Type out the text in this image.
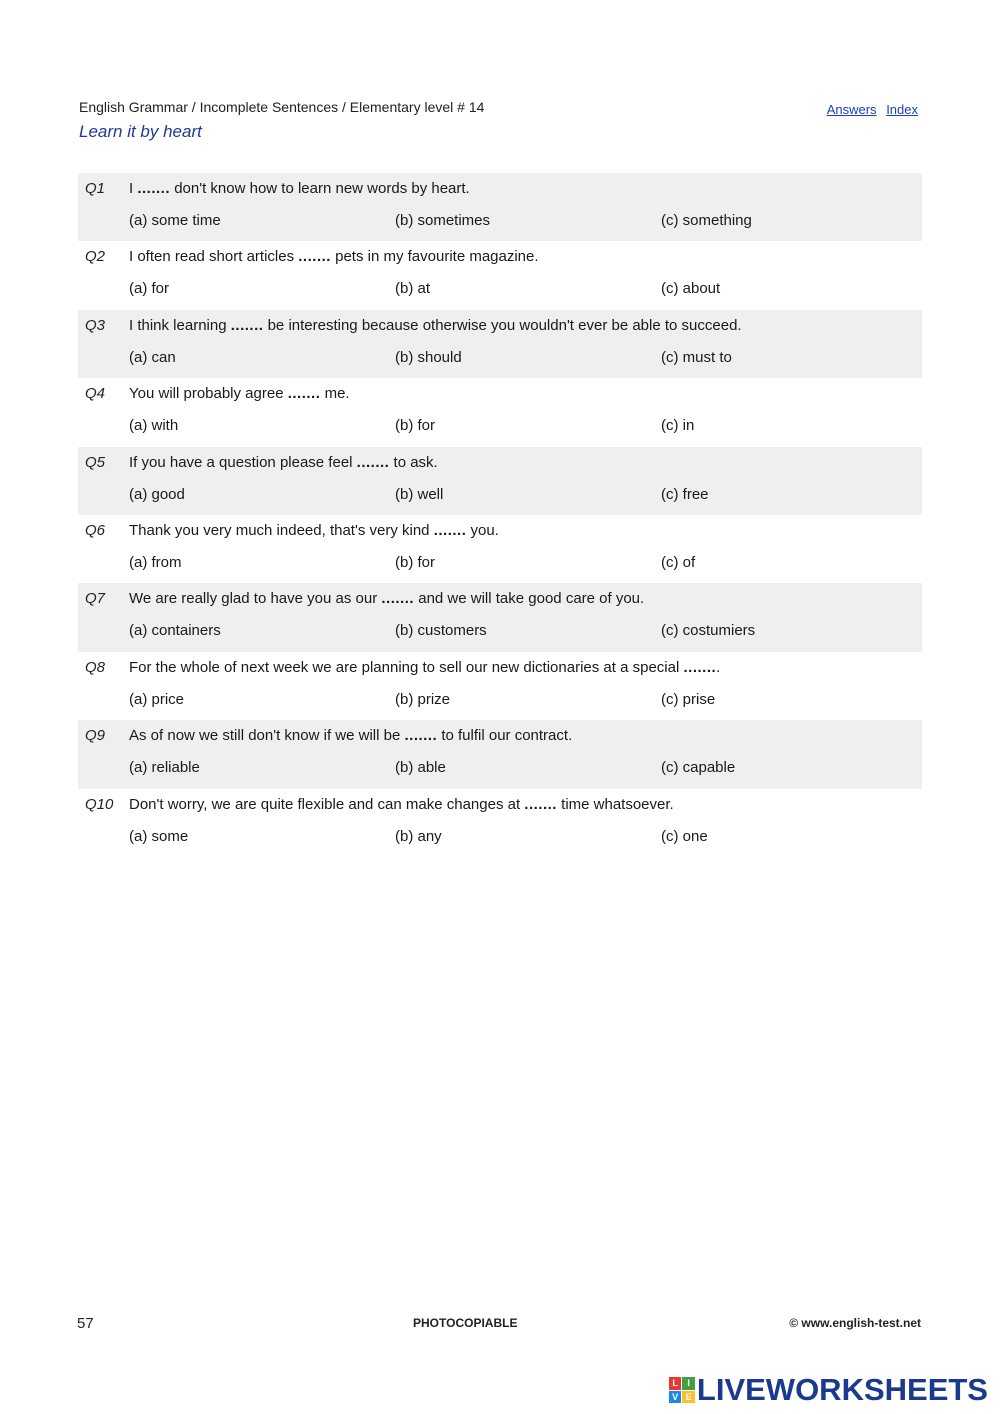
English Grammar / Incomplete Sentences / Elementary level # 14
Learn it by heart
Answers Index
Q1 I ....... don't know how to learn new words by heart.
(a) some time	(b) sometimes	(c) something
Q2 I often read short articles ....... pets in my favourite magazine.
(a) for	(b) at	(c) about
Q3 I think learning ....... be interesting because otherwise you wouldn't ever be able to succeed.
(a) can	(b) should	(c) must to
Q4 You will probably agree ....... me.
(a) with	(b) for	(c) in
Q5 If you have a question please feel ....... to ask.
(a) good	(b) well	(c) free
Q6 Thank you very much indeed, that's very kind ....... you.
(a) from	(b) for	(c) of
Q7 We are really glad to have you as our ....... and we will take good care of you.
(a) containers	(b) customers	(c) costumiers
Q8 For the whole of next week we are planning to sell our new dictionaries at a special ........
(a) price	(b) prize	(c) prise
Q9 As of now we still don't know if we will be ....... to fulfil our contract.
(a) reliable	(b) able	(c) capable
Q10 Don't worry, we are quite flexible and can make changes at ....... time whatsoever.
(a) some	(b) any	(c) one
57	PHOTOCOPIABLE	© www.english-test.net
L	I
V E LIVEWORKSHEETS
